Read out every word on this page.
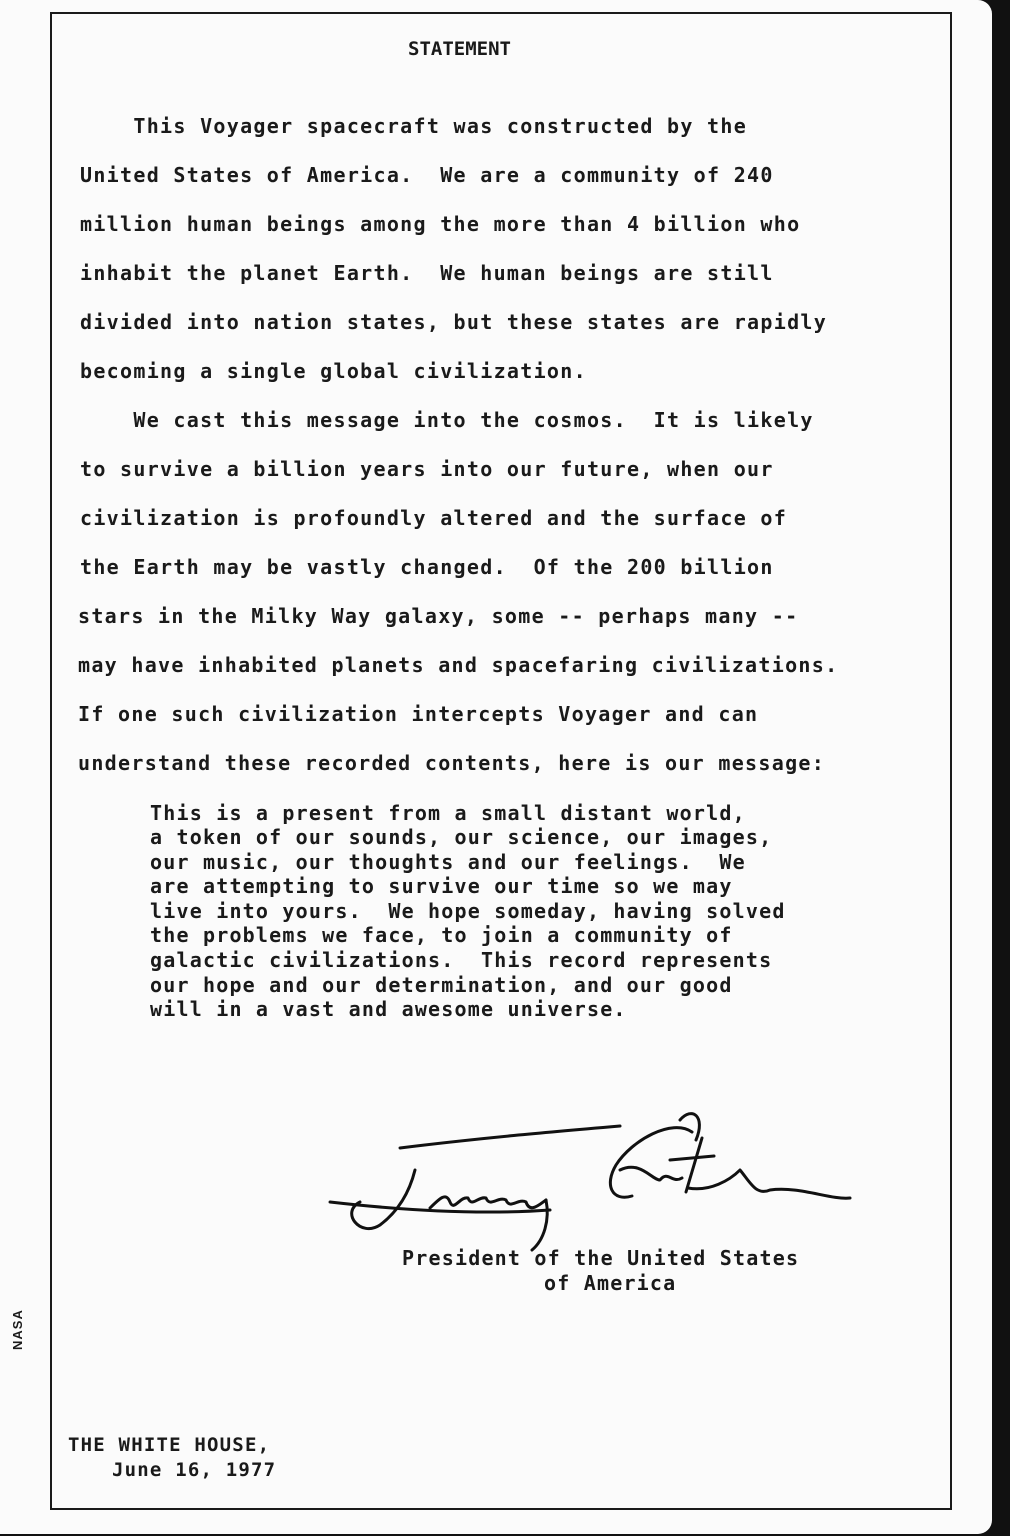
STATEMENT
This Voyager spacecraft was constructed by the
United States of America.  We are a community of 240
million human beings among the more than 4 billion who
inhabit the planet Earth.  We human beings are still
divided into nation states, but these states are rapidly
becoming a single global civilization.
We cast this message into the cosmos.  It is likely
to survive a billion years into our future, when our
civilization is profoundly altered and the surface of
the Earth may be vastly changed.  Of the 200 billion
stars in the Milky Way galaxy, some -- perhaps many --
may have inhabited planets and spacefaring civilizations.
If one such civilization intercepts Voyager and can
understand these recorded contents, here is our message:
This is a present from a small distant world,
a token of our sounds, our science, our images,
our music, our thoughts and our feelings.  We
are attempting to survive our time so we may
live into yours.  We hope someday, having solved
the problems we face, to join a community of
galactic civilizations.  This record represents
our hope and our determination, and our good
will in a vast and awesome universe.
President of the United States
of America
THE WHITE HOUSE,
June 16, 1977
NASA
